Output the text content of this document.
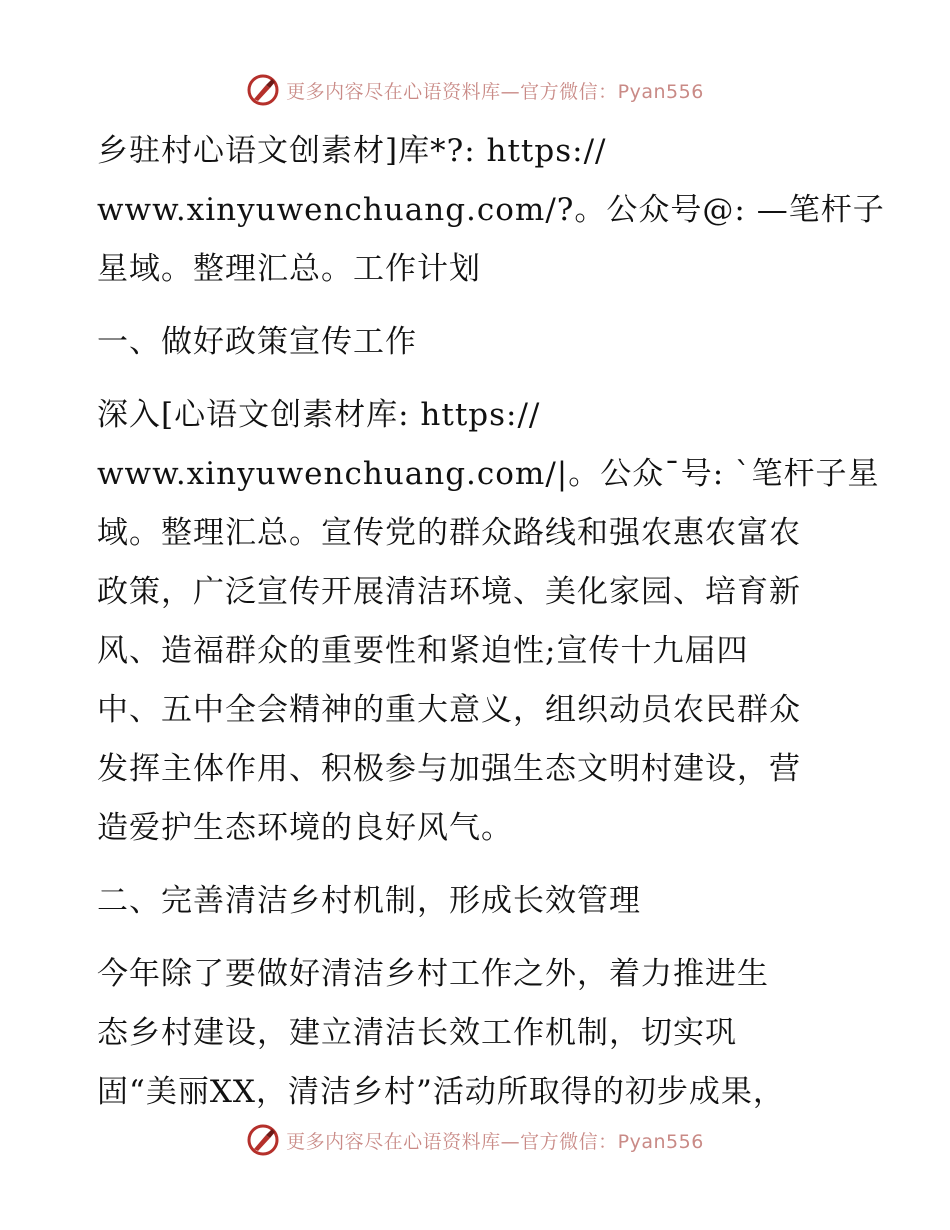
更多内容尽在心语资料库—官方微信：Pyan556
乡驻村心语文创素材]库*?: https://
www.xinyuwenchuang.com/?。公众号@: —笔杆子
星域。整理汇总。工作计划
一、做好政策宣传工作
深入[心语文创素材库: https://
www.xinyuwenchuang.com/|。公众¯号: `笔杆子星
域。整理汇总。宣传党的群众路线和强农惠农富农
政策，广泛宣传开展清洁环境、美化家园、培育新
风、造福群众的重要性和紧迫性;宣传十九届四
中、五中全会精神的重大意义，组织动员农民群众
发挥主体作用、积极参与加强生态文明村建设，营
造爱护生态环境的良好风气。
二、完善清洁乡村机制，形成长效管理
今年除了要做好清洁乡村工作之外，着力推进生
态乡村建设，建立清洁长效工作机制，切实巩
固“美丽XX，清洁乡村”活动所取得的初步成果，
更多内容尽在心语资料库—官方微信：Pyan556
